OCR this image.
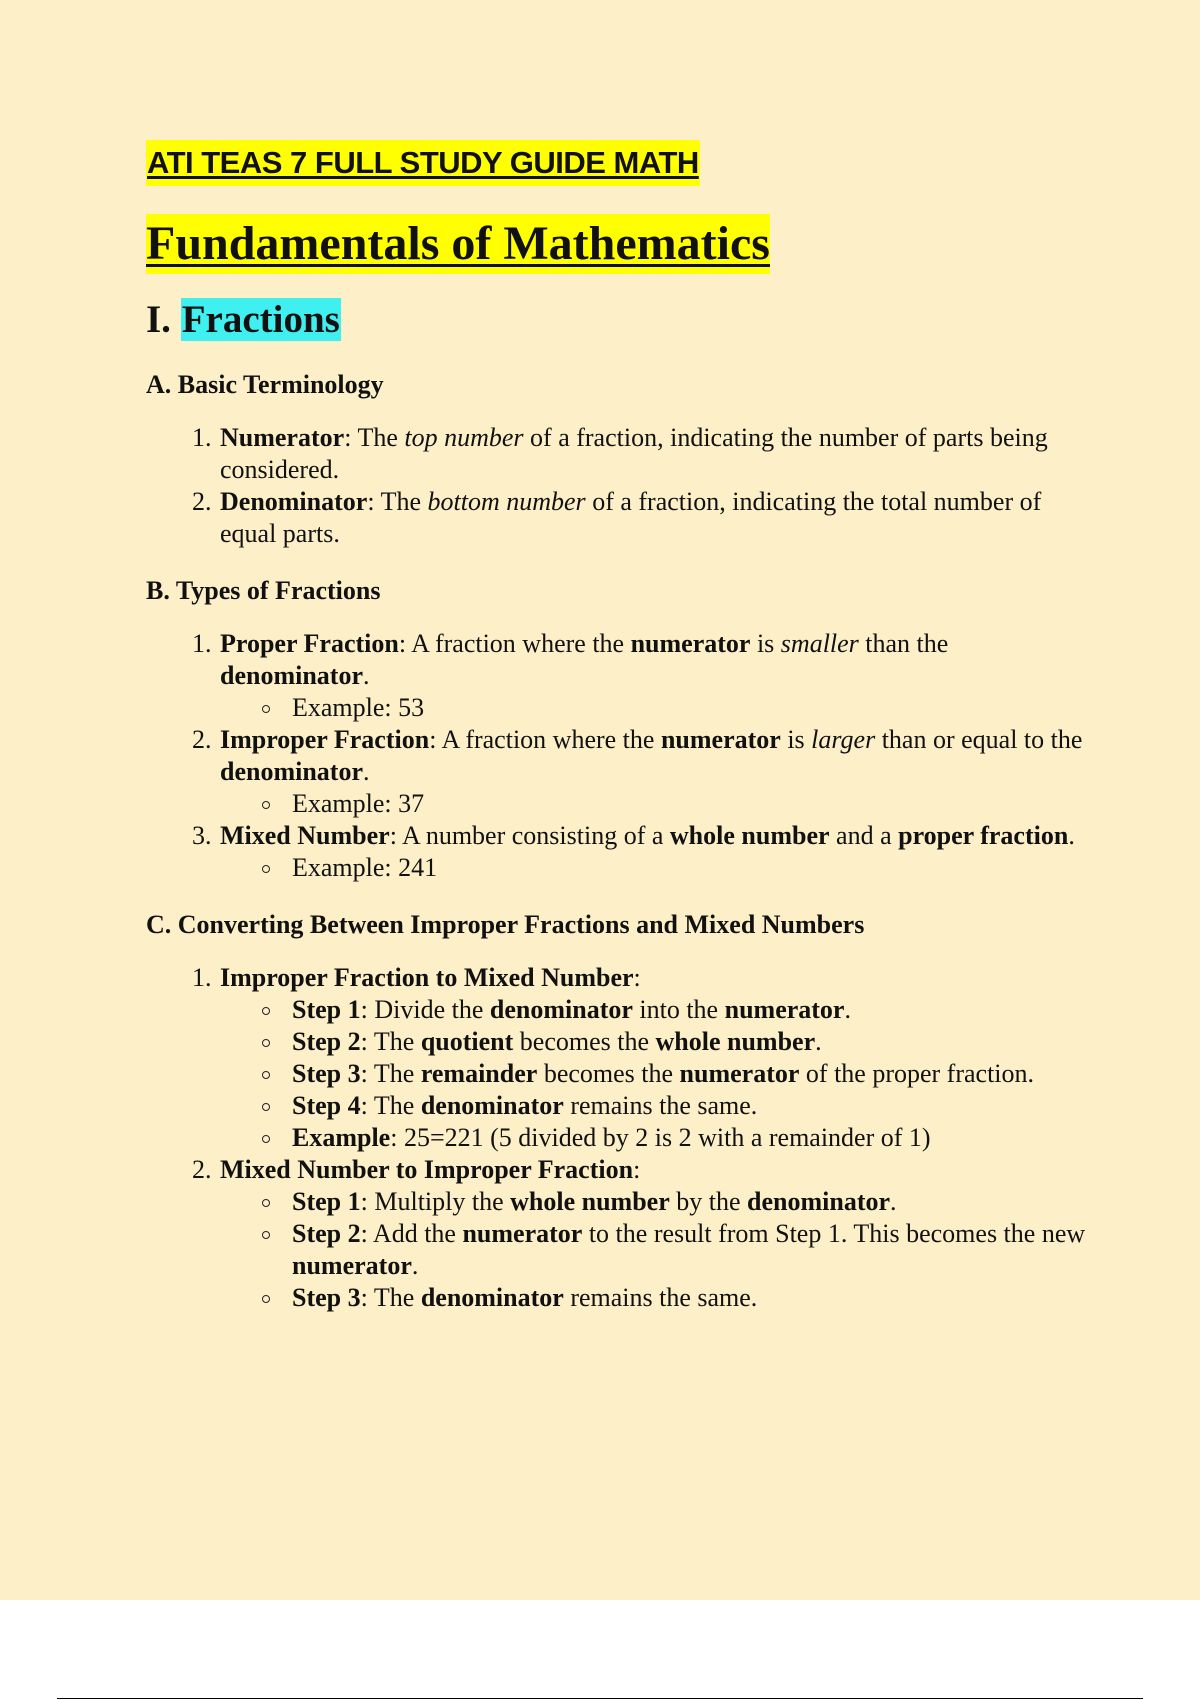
ATI TEAS 7 FULL STUDY GUIDE MATH
Fundamentals of Mathematics
I. Fractions
A. Basic Terminology
1. Numerator: The top number of a fraction, indicating the number of parts being considered.
2. Denominator: The bottom number of a fraction, indicating the total number of equal parts.
B. Types of Fractions
1. Proper Fraction: A fraction where the numerator is smaller than the denominator.
Example: 53
2. Improper Fraction: A fraction where the numerator is larger than or equal to the denominator.
Example: 37
3. Mixed Number: A number consisting of a whole number and a proper fraction.
Example: 241
C. Converting Between Improper Fractions and Mixed Numbers
1. Improper Fraction to Mixed Number:
Step 1: Divide the denominator into the numerator.
Step 2: The quotient becomes the whole number.
Step 3: The remainder becomes the numerator of the proper fraction.
Step 4: The denominator remains the same.
Example: 25=221 (5 divided by 2 is 2 with a remainder of 1)
2. Mixed Number to Improper Fraction:
Step 1: Multiply the whole number by the denominator.
Step 2: Add the numerator to the result from Step 1. This becomes the new numerator.
Step 3: The denominator remains the same.
